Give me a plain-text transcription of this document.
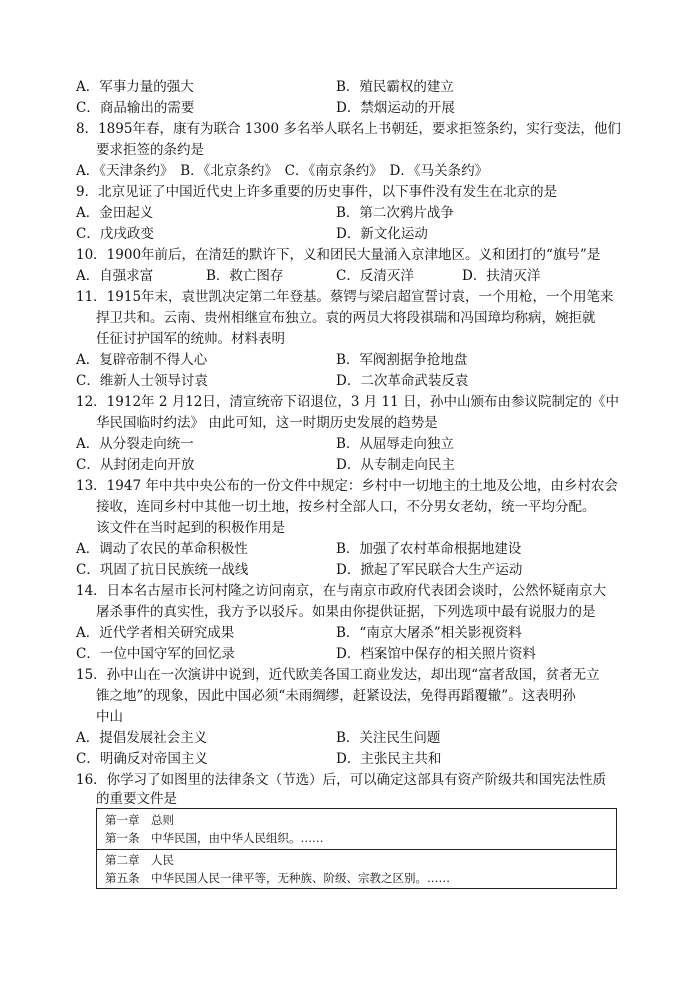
A．军事力量的强大	B．殖民霸权的建立
C．商品输出的需要	D．禁烟运动的开展
8．1895年春，康有为联合 1300 多名举人联名上书朝廷，要求拒签条约，实行变法，他们
要求拒签的条约是
A．《天津条约》　B．《北京条约》　C．《南京条约》　D．《马关条约》
9．北京见证了中国近代史上许多重要的历史事件，以下事件没有发生在北京的是
A．金田起义	B．第二次鸦片战争
C．戊戌政变	D．新文化运动
10．1900年前后，在清廷的默许下，义和团民大量涌入京津地区。义和团打的“旗号”是
A．自强求富	B．救亡图存	C．反清灭洋	D．扶清灭洋
11．1915年末，袁世凯决定第二年登基。蔡锷与梁启超宣誓讨袁，一个用枪，一个用笔来
捍卫共和。云南、贵州相继宣布独立。袁的两员大将段祺瑞和冯国璋均称病，婉拒就
任征讨护国军的统帅。材料表明
A．复辟帝制不得人心	B．军阀割据争抢地盘
C．维新人士领导讨袁	D．二次革命武装反袁
12．1912年 2 月12日，清宣统帝下诏退位，3 月 11 日，孙中山颁布由参议院制定的《中
华民国临时约法》 由此可知，这一时期历史发展的趋势是
A．从分裂走向统一	B．从屈辱走向独立
C．从封闭走向开放	D．从专制走向民主
13．1947 年中共中央公布的一份文件中规定：乡村中一切地主的土地及公地，由乡村农会
接收，连同乡村中其他一切土地，按乡村全部人口，不分男女老幼，统一平均分配。
该文件在当时起到的积极作用是
A．调动了农民的革命积极性	B．加强了农村革命根据地建设
C．巩固了抗日民族统一战线	D．掀起了军民联合大生产运动
14．日本名古屋市长河村隆之访问南京，在与南京市政府代表团会谈时，公然怀疑南京大
屠杀事件的真实性，我方予以驳斥。如果由你提供证据，下列选项中最有说服力的是
A．近代学者相关研究成果	B．“南京大屠杀”相关影视资料
C．一位中国守军的回忆录	D．档案馆中保存的相关照片资料
15．孙中山在一次演讲中说到，近代欧美各国工商业发达，却出现“富者敌国，贫者无立
锥之地”的现象，因此中国必须“未雨绸缪，赶紧设法，免得再蹈覆辙”。这表明孙
中山
A．提倡发展社会主义	B．关注民生问题
C．明确反对帝国主义	D．主张民主共和
16．你学习了如图里的法律条文（节选）后，可以确定这部具有资产阶级共和国宪法性质
的重要文件是
第一章　总则
第一条　中华民国，由中华人民组织。……
第二章　人民
第五条　中华民国人民一律平等，无种族、阶级、宗教之区别。……
